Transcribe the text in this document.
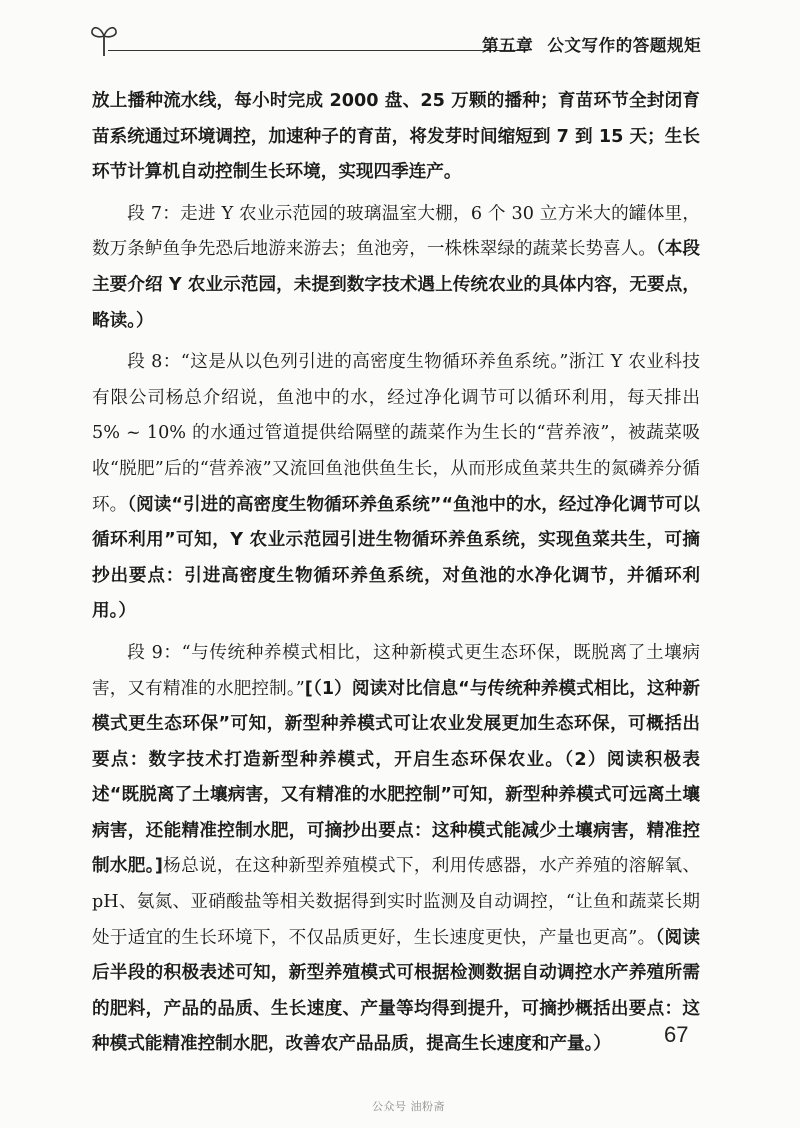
第五章 公文写作的答题规矩

放上播种流水线，每小时完成 2000 盘、25 万颗的播种；育苗环节全封闭育苗系统通过环境调控，加速种子的育苗，将发芽时间缩短到 7 到 15 天；生长环节计算机自动控制生长环境，实现四季连产。

段 7：走进 Y 农业示范园的玻璃温室大棚，6 个 30 立方米大的罐体里，数万条鲈鱼争先恐后地游来游去；鱼池旁，一株株翠绿的蔬菜长势喜人。（本段主要介绍 Y 农业示范园，未提到数字技术遇上传统农业的具体内容，无要点，略读。）

段 8：“这是从以色列引进的高密度生物循环养鱼系统。”浙江 Y 农业科技有限公司杨总介绍说，鱼池中的水，经过净化调节可以循环利用，每天排出 5% ~ 10% 的水通过管道提供给隔壁的蔬菜作为生长的“营养液”，被蔬菜吸收“脱肥”后的“营养液”又流回鱼池供鱼生长，从而形成鱼菜共生的氮磷养分循环。（阅读“引进的高密度生物循环养鱼系统”“鱼池中的水，经过净化调节可以循环利用”可知，Y 农业示范园引进生物循环养鱼系统，实现鱼菜共生，可摘抄出要点：引进高密度生物循环养鱼系统，对鱼池的水净化调节，并循环利用。）

段 9：“与传统种养模式相比，这种新模式更生态环保，既脱离了土壤病害，又有精准的水肥控制。”[（1）阅读对比信息“与传统种养模式相比，这种新模式更生态环保”可知，新型种养模式可让农业发展更加生态环保，可概括出要点：数字技术打造新型种养模式，开启生态环保农业。（2）阅读积极表述“既脱离了土壤病害，又有精准的水肥控制”可知，新型种养模式可远离土壤病害，还能精准控制水肥，可摘抄出要点：这种模式能减少土壤病害，精准控制水肥。]杨总说，在这种新型养殖模式下，利用传感器，水产养殖的溶解氧、pH、氨氮、亚硝酸盐等相关数据得到实时监测及自动调控，“让鱼和蔬菜长期处于适宜的生长环境下，不仅品质更好，生长速度更快，产量也更高”。（阅读后半段的积极表述可知，新型养殖模式可根据检测数据自动调控水产养殖所需的肥料，产品的品质、生长速度、产量等均得到提升，可摘抄概括出要点：这种模式能精准控制水肥，改善农产品品质，提高生长速度和产量。）	67
公众号 油粉斋
